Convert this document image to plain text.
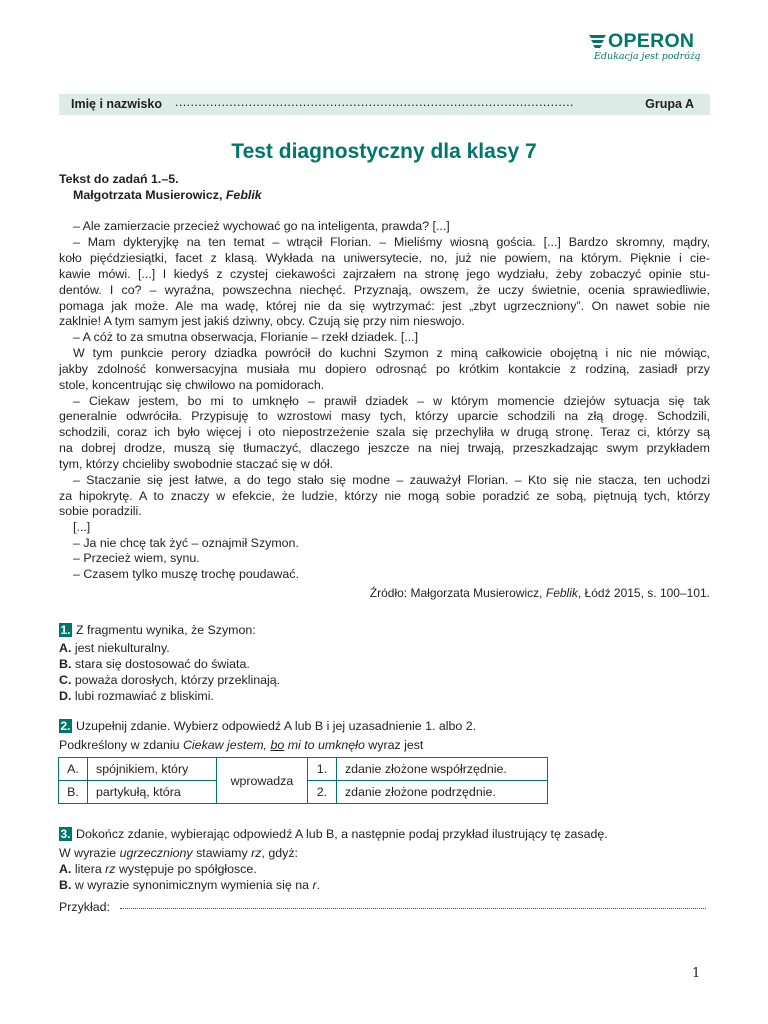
OPERON
Edukacja jest podróżą
Imię i nazwisko .......................................................................................................	Grupa A
Test diagnostyczny dla klasy 7
Tekst do zadań 1.–5.
Małgotrzata Musierowicz, Feblik
– Ale zamierzacie przecież wychować go na inteligenta, prawda? [...]
– Mam dykteryjkę na ten temat – wtrącił Florian. – Mieliśmy wiosną gościa. [...] Bardzo skromny, mądry,
koło pięćdziesiątki, facet z klasą. Wykłada na uniwersytecie, no, już nie powiem, na którym. Pięknie i cie-
kawie mówi. [...] I kiedyś z czystej ciekawości zajrzałem na stronę jego wydziału, żeby zobaczyć opinie stu-
dentów. I co? – wyraźna, powszechna niechęć. Przyznają, owszem, że uczy świetnie, ocenia sprawiedliwie,
pomaga jak może. Ale ma wadę, której nie da się wytrzymać: jest „zbyt ugrzeczniony”. On nawet sobie nie
zaklnie! A tym samym jest jakiś dziwny, obcy. Czują się przy nim nieswojo.
– A cóż to za smutna obserwacja, Florianie – rzekł dziadek. [...]
W tym punkcie perory dziadka powrócił do kuchni Szymon z miną całkowicie obojętną i nic nie mówiąc,
jakby zdolność konwersacyjna musiała mu dopiero odrosnąć po krótkim kontakcie z rodziną, zasiadł przy
stole, koncentrując się chwilowo na pomidorach.
– Ciekaw jestem, bo mi to umknęło – prawił dziadek – w którym momencie dziejów sytuacja się tak
generalnie odwróciła. Przypisuję to wzrostowi masy tych, którzy uparcie schodzili na złą drogę. Schodzili,
schodzili, coraz ich było więcej i oto niepostrzeżenie szala się przechyliła w drugą stronę. Teraz ci, którzy są
na dobrej drodze, muszą się tłumaczyć, dlaczego jeszcze na niej trwają, przeszkadzając swym przykładem
tym, którzy chcieliby swobodnie staczać się w dół.
– Staczanie się jest łatwe, a do tego stało się modne – zauważył Florian. – Kto się nie stacza, ten uchodzi
za hipokrytę. A to znaczy w efekcie, że ludzie, którzy nie mogą sobie poradzić ze sobą, piętnują tych, którzy
sobie poradzili.
[...]
– Ja nie chcę tak żyć – oznajmił Szymon.
– Przecież wiem, synu.
– Czasem tylko muszę trochę poudawać.
Źródło: Małgorzata Musierowicz, Feblik, Łódź 2015, s. 100–101.
1. Z fragmentu wynika, że Szymon:
A. jest niekulturalny.
B. stara się dostosować do świata.
C. poważa dorosłych, którzy przeklinają.
D. lubi rozmawiać z bliskimi.
2. Uzupełnij zdanie. Wybierz odpowiedź A lub B i jej uzasadnienie 1. albo 2.
Podkreślony w zdaniu Ciekaw jestem, bo mi to umknęło wyraz jest
A.	spójnikiem, który	wprowadza	1.	zdanie złożone współrzędnie.
B.	partykułą, która		2.	zdanie złożone podrzędnie.
3. Dokończ zdanie, wybierając odpowiedź A lub B, a następnie podaj przykład ilustrujący tę zasadę.
W wyrazie ugrzeczniony stawiamy rz, gdyż:
A. litera rz występuje po spółgłosce.
B. w wyrazie synonimicznym wymienia się na r.
Przykład:
1
